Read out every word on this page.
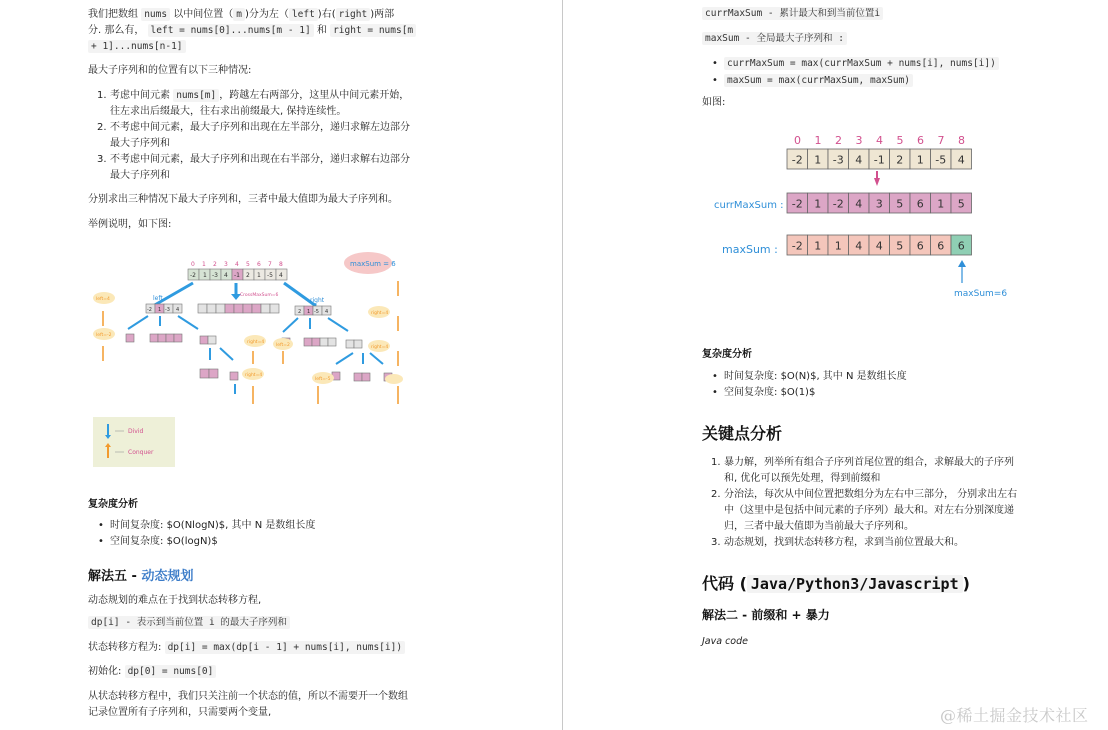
我们把数组 nums 以中间位置（ m )分为左（ left )右( right )两部
分. 那么有， left = nums[0]...nums[m - 1] 和 right = nums[m
+ 1]...nums[n-1]
最大子序列和的位置有以下三种情况:
1. 考虑中间元素 nums[m] ，跨越左右两部分，这里从中间元素开始，
往左求出后缀最大，往右求出前缀最大, 保持连续性。
2. 不考虑中间元素，最大子序列和出现在左半部分，递归求解左边部分
最大子序列和
3. 不考虑中间元素，最大子序列和出现在右半部分，递归求解右边部分
最大子序列和
分别求出三种情况下最大子序列和，三者中最大值即为最大子序列和。
举例说明，如下图:
复杂度分析
• 时间复杂度: $O(NlogN)$, 其中 N 是数组长度
• 空间复杂度: $O(logN)$
解法五 - 动态规划
动态规划的难点在于找到状态转移方程,
dp[i] - 表示到当前位置 i 的最大子序列和
状态转移方程为: dp[i] = max(dp[i - 1] + nums[i], nums[i])
初始化: dp[0] = nums[0]
从状态转移方程中，我们只关注前一个状态的值，所以不需要开一个数组
记录位置所有子序列和，只需要两个变量,
0 1 2 3 4 5 6 7 8
-2 1 -3 4 -1 2 1 -5 4
maxSum = 6
left	right
CrossMaxSum=6
-2 1 -3 4	2 1 -5 4
left=4
left=-2
right=4
right=4
right=4
right=4
left=2
left=-5
Divid
Conquer
currMaxSum - 累计最大和到当前位置i
maxSum - 全局最大子序列和 :
• currMaxSum = max(currMaxSum + nums[i], nums[i])
• maxSum = max(currMaxSum, maxSum)
如图:
复杂度分析
• 时间复杂度: $O(N)$, 其中 N 是数组长度
• 空间复杂度: $O(1)$
关键点分析
1. 暴力解，列举所有组合子序列首尾位置的组合，求解最大的子序列
和, 优化可以预先处理，得到前缀和
2. 分治法，每次从中间位置把数组分为左右中三部分， 分别求出左右
中（这里中是包括中间元素的子序列）最大和。对左右分别深度递
归，三者中最大值即为当前最大子序列和。
3. 动态规划，找到状态转移方程，求到当前位置最大和。
代码 ( Java/Python3/Javascript )
解法二 - 前缀和 + 暴力
Java code
0 1 2 3 4 5 6 7 8
-2 1 -3 4 -1 2 1 -5 4
currMaxSum : -2 1 -2 4 3 5 6 1 5
maxSum : -2 1 1 4 4 5 6 6 6
maxSum=6
@稀土掘金技术社区
